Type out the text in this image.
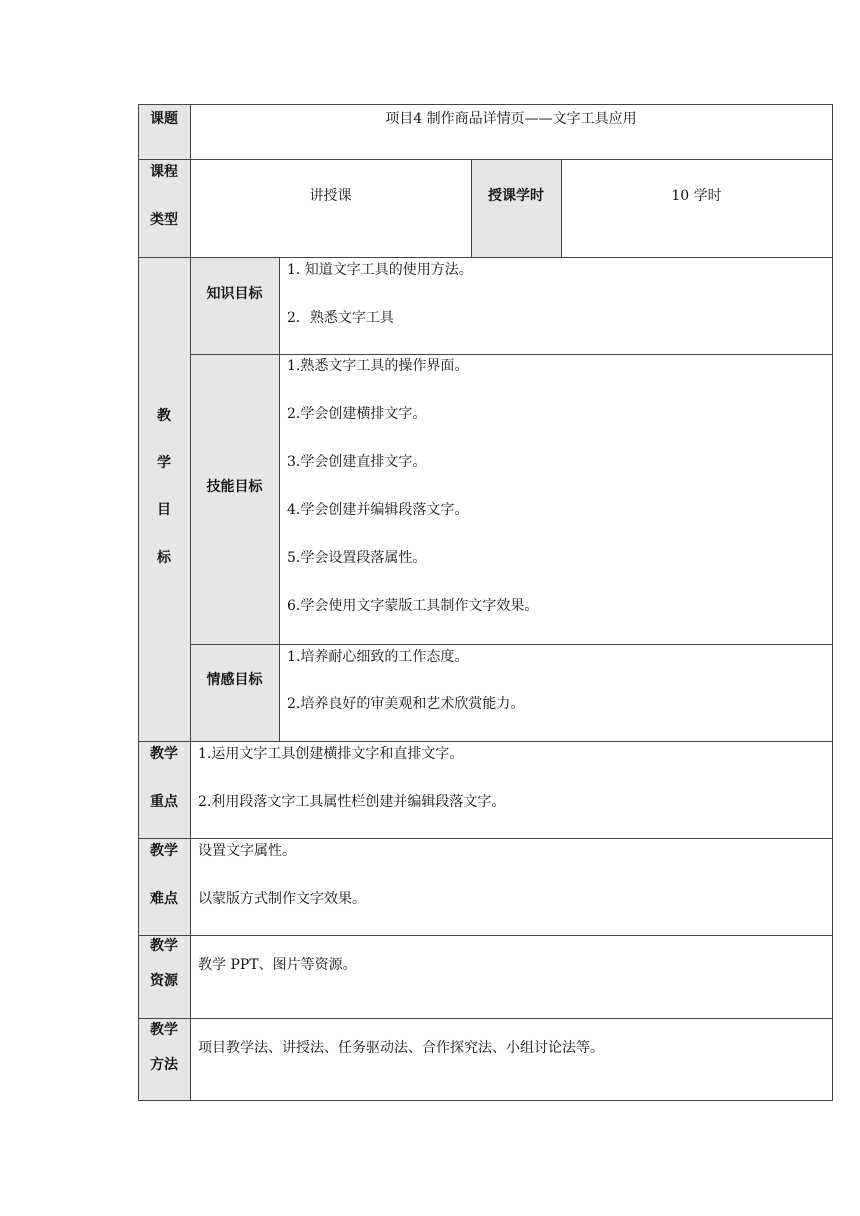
课题
课程
类型
授课学时
教
学
目
标
知识目标
技能目标
情感目标
教学
重点
教学
难点
教学
资源
教学
方法
项目4 制作商品详情页——文字工具应用
讲授课	10 学时
1. 知道文字工具的使用方法。
2．熟悉文字工具
1.熟悉文字工具的操作界面。
2.学会创建横排文字。
3.学会创建直排文字。
4.学会创建并编辑段落文字。
5.学会设置段落属性。
6.学会使用文字蒙版工具制作文字效果。
1.培养耐心细致的工作态度。
2.培养良好的审美观和艺术欣赏能力。
1.运用文字工具创建横排文字和直排文字。
2.利用段落文字工具属性栏创建并编辑段落文字。
设置文字属性。
以蒙版方式制作文字效果。
教学 PPT、图片等资源。
项目教学法、讲授法、任务驱动法、合作探究法、小组讨论法等。
